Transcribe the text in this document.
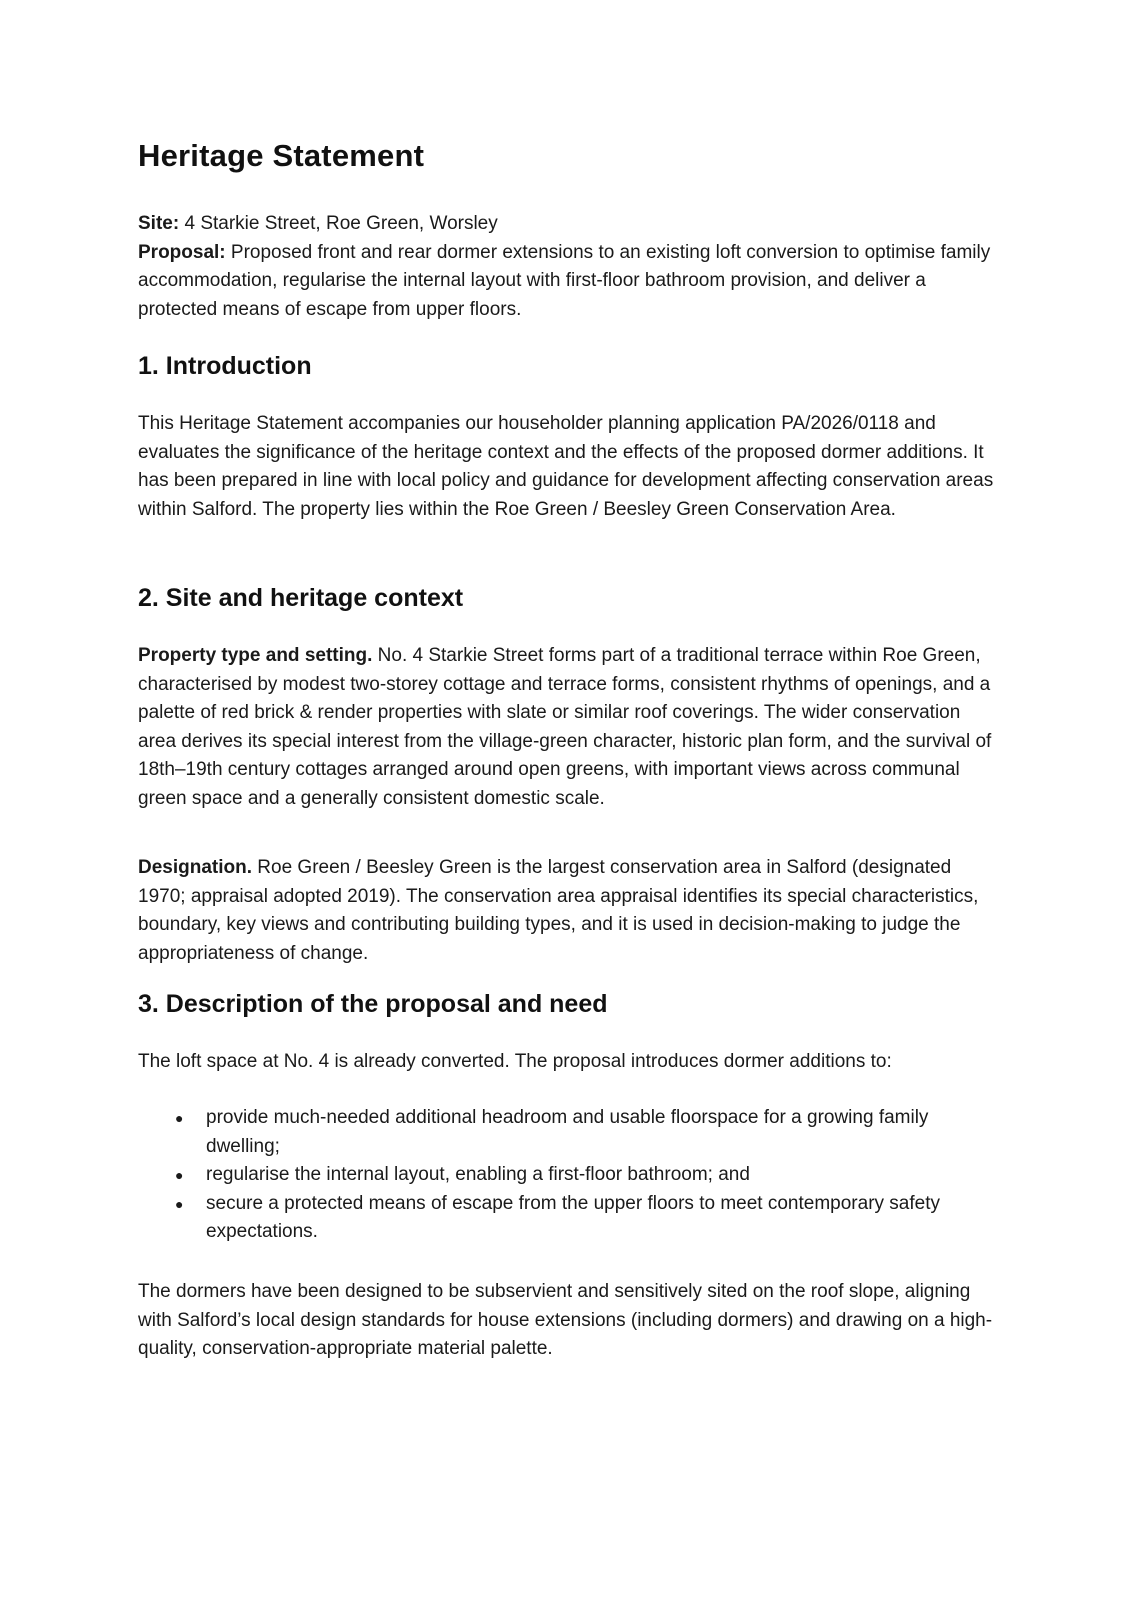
Heritage Statement

Site: 4 Starkie Street, Roe Green, Worsley

Proposal: Proposed front and rear dormer extensions to an existing loft conversion to optimise family accommodation, regularise the internal layout with first-floor bathroom provision, and deliver a protected means of escape from upper floors.

1. Introduction

This Heritage Statement accompanies our householder planning application PA/2026/0118 and evaluates the significance of the heritage context and the effects of the proposed dormer additions. It has been prepared in line with local policy and guidance for development affecting conservation areas within Salford. The property lies within the Roe Green / Beesley Green Conservation Area.

2. Site and heritage context

Property type and setting. No. 4 Starkie Street forms part of a traditional terrace within Roe Green, characterised by modest two-storey cottage and terrace forms, consistent rhythms of openings, and a palette of red brick & render properties with slate or similar roof coverings. The wider conservation area derives its special interest from the village-green character, historic plan form, and the survival of 18th–19th century cottages arranged around open greens, with important views across communal green space and a generally consistent domestic scale.

Designation. Roe Green / Beesley Green is the largest conservation area in Salford (designated 1970; appraisal adopted 2019). The conservation area appraisal identifies its special characteristics, boundary, key views and contributing building types, and it is used in decision-making to judge the appropriateness of change.

3. Description of the proposal and need

The loft space at No. 4 is already converted. The proposal introduces dormer additions to:

● provide much-needed additional headroom and usable floorspace for a growing family dwelling;
● regularise the internal layout, enabling a first-floor bathroom; and
● secure a protected means of escape from the upper floors to meet contemporary safety expectations.

The dormers have been designed to be subservient and sensitively sited on the roof slope, aligning with Salford’s local design standards for house extensions (including dormers) and drawing on a high-quality, conservation-appropriate material palette.
